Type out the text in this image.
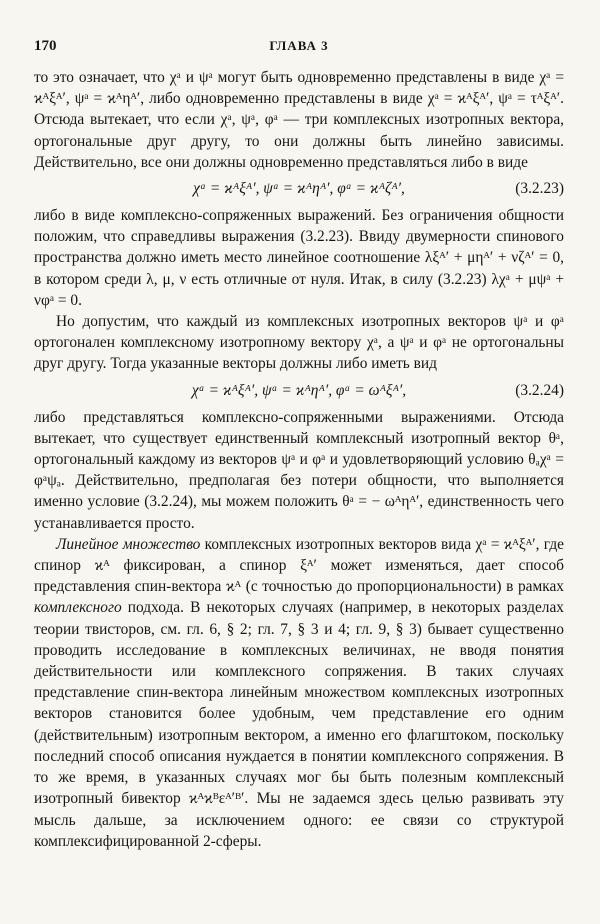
170	ГЛАВА 3

то это означает, что χᵃ и ψᵃ могут быть одновременно представлены в виде χᵃ = ϰᴬξᴬ′, ψᵃ = ϰᴬηᴬ′, либо одновременно представлены в виде χᵃ = ϰᴬξᴬ′, ψᵃ = τᴬξᴬ′. Отсюда вытекает, что если χᵃ, ψᵃ, φᵃ — три комплексных изотропных вектора, ортогональные друг другу, то они должны быть линейно зависимы. Действительно, все они должны одновременно представляться либо в виде

χᵃ = ϰᴬξᴬ′, ψᵃ = ϰᴬηᴬ′, φᵃ = ϰᴬζᴬ′,	(3.2.23)

либо в виде комплексно-сопряженных выражений. Без ограничения общности положим, что справедливы выражения (3.2.23). Ввиду двумерности спинового пространства должно иметь место линейное соотношение λξᴬ′ + μηᴬ′ + νζᴬ′ = 0, в котором среди λ, μ, ν есть отличные от нуля. Итак, в силу (3.2.23) λχᵃ + μψᵃ + νφᵃ = 0.

Но допустим, что каждый из комплексных изотропных векторов ψᵃ и φᵃ ортогонален комплексному изотропному вектору χᵃ, а ψᵃ и φᵃ не ортогональны друг другу. Тогда указанные векторы должны либо иметь вид

χᵃ = ϰᴬξᴬ′, ψᵃ = ϰᴬηᴬ′, φᵃ = ωᴬξᴬ′,	(3.2.24)

либо представляться комплексно-сопряженными выражениями. Отсюда вытекает, что существует единственный комплексный изотропный вектор θᵃ, ортогональный каждому из векторов ψᵃ и φᵃ и удовлетворяющий условию θₐχᵃ = φᵃψₐ. Действительно, предполагая без потери общности, что выполняется именно условие (3.2.24), мы можем положить θᵃ = − ωᴬηᴬ′, единственность чего устанавливается просто.

Линейное множество комплексных изотропных векторов вида χᵃ = ϰᴬξᴬ′, где спинор ϰᴬ фиксирован, а спинор ξᴬ′ может изменяться, дает способ представления спин-вектора ϰᴬ (с точностью до пропорциональности) в рамках комплексного подхода. В некоторых случаях (например, в некоторых разделах теории твисторов, см. гл. 6, § 2; гл. 7, § 3 и 4; гл. 9, § 3) бывает существенно проводить исследование в комплексных величинах, не вводя понятия действительности или комплексного сопряжения. В таких случаях представление спин-вектора линейным множеством комплексных изотропных векторов становится более удобным, чем представление его одним (действительным) изотропным вектором, а именно его флагштоком, поскольку последний способ описания нуждается в понятии комплексного сопряжения. В то же время, в указанных случаях мог бы быть полезным комплексный изотропный бивектор ϰᴬϰᴮεᴬ′ᴮ′. Мы не задаемся здесь целью развивать эту мысль дальше, за исключением одного: ее связи со структурой комплексифицированной 2-сферы.
